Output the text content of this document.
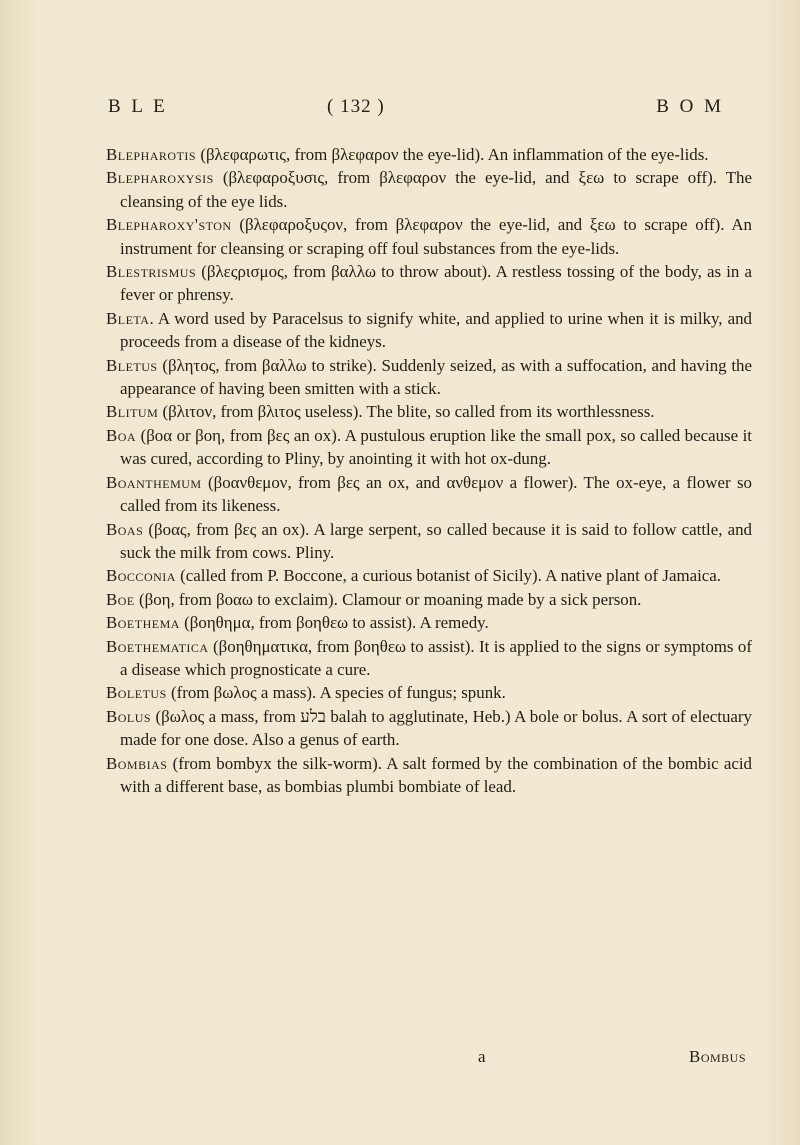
B L E	( 132 )	B O M

Blepharotis (βλεφαρωτις, from βλεφαρον the eye-lid). An inflammation of the eye-lids.

Blepharoxysis (βλεφαροξυσις, from βλεφαρον the eye-lid, and ξεω to scrape off). The cleansing of the eye lids.

Blepharoxy'ston (βλεφαροξυςον, from βλεφαρον the eye-lid, and ξεω to scrape off). An instrument for cleansing or scraping off foul substances from the eye-lids.

Blestrismus (βλεςρισμος, from βαλλω to throw about). A restless tossing of the body, as in a fever or phrensy.

Bleta. A word used by Paracelsus to signify white, and applied to urine when it is milky, and proceeds from a disease of the kidneys.

Bletus (βλητος, from βαλλω to strike). Suddenly seized, as with a suffocation, and having the appearance of having been smitten with a stick.

Blitum (βλιτον, from βλιτος useless). The blite, so called from its worthlessness.

Boa (βοα or βοη, from βες an ox). A pustulous eruption like the small pox, so called because it was cured, according to Pliny, by anointing it with hot ox-dung.

Boanthemum (βοανθεμον, from βες an ox, and ανθεμον a flower). The ox-eye, a flower so called from its likeness.

Boas (βοας, from βες an ox). A large serpent, so called because it is said to follow cattle, and suck the milk from cows. Pliny.

Bocconia (called from P. Boccone, a curious botanist of Sicily). A native plant of Jamaica.

Boe (βοη, from βοαω to exclaim). Clamour or moaning made by a sick person.

Boethema (βοηθημα, from βοηθεω to assist). A remedy.

Boethematica (βοηθηματικα, from βοηθεω to assist). It is applied to the signs or symptoms of a disease which prognosticate a cure.

Boletus (from βωλος a mass). A species of fungus; spunk.

Bolus (βωλος a mass, from בלע balah to agglutinate, Heb.) A bole or bolus. A sort of electuary made for one dose. Also a genus of earth.

Bombias (from bombyx the silk-worm). A salt formed by the combination of the bombic acid with a different base, as bombias plumbi bombiate of lead.

a	Bombus
